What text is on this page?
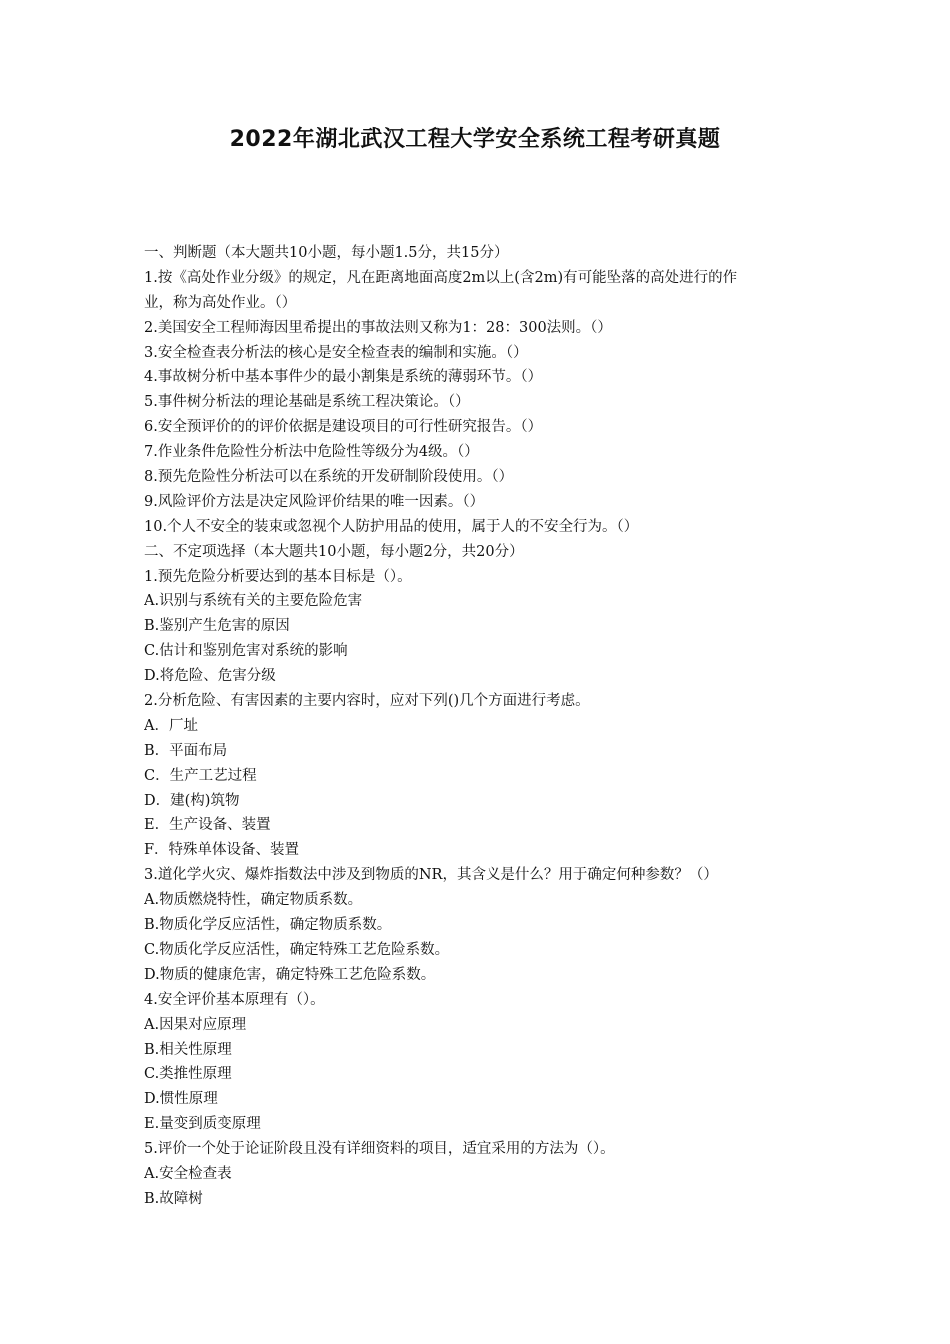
2022年湖北武汉工程大学安全系统工程考研真题
一、判断题（本大题共10小题，每小题1.5分，共15分）
1.按《高处作业分级》的规定，凡在距离地面高度2m以上(含2m)有可能坠落的高处进行的作
业，称为高处作业。（）
2.美国安全工程师海因里希提出的事故法则又称为1：28：300法则。（）
3.安全检查表分析法的核心是安全检查表的编制和实施。（）
4.事故树分析中基本事件少的最小割集是系统的薄弱环节。（）
5.事件树分析法的理论基础是系统工程决策论。（）
6.安全预评价的的评价依据是建设项目的可行性研究报告。（）
7.作业条件危险性分析法中危险性等级分为4级。（）
8.预先危险性分析法可以在系统的开发研制阶段使用。（）
9.风险评价方法是决定风险评价结果的唯一因素。（）
10.个人不安全的装束或忽视个人防护用品的使用，属于人的不安全行为。（）
二、不定项选择（本大题共10小题，每小题2分，共20分）
1.预先危险分析要达到的基本目标是（）。
A.识别与系统有关的主要危险危害
B.鉴别产生危害的原因
C.估计和鉴别危害对系统的影响
D.将危险、危害分级
2.分析危险、有害因素的主要内容时，应对下列()几个方面进行考虑。
A．厂址
B．平面布局
C．生产工艺过程
D．建(构)筑物
E．生产设备、装置
F．特殊单体设备、装置
3.道化学火灾、爆炸指数法中涉及到物质的NR，其含义是什么？用于确定何种参数？（）
A.物质燃烧特性，确定物质系数。
B.物质化学反应活性，确定物质系数。
C.物质化学反应活性，确定特殊工艺危险系数。
D.物质的健康危害，确定特殊工艺危险系数。
4.安全评价基本原理有（）。
A.因果对应原理
B.相关性原理
C.类推性原理
D.惯性原理
E.量变到质变原理
5.评价一个处于论证阶段且没有详细资料的项目，适宜采用的方法为（）。
A.安全检查表
B.故障树
